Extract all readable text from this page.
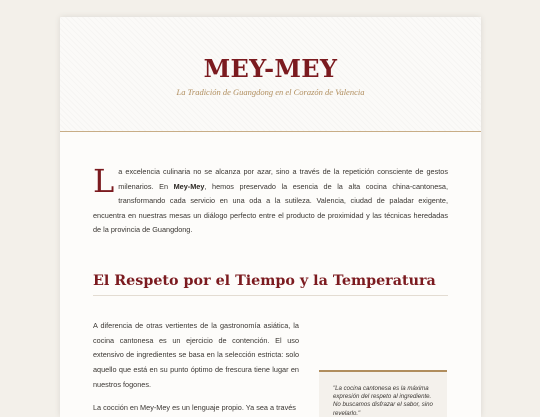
MEY-MEY
La Tradición de Guangdong en el Corazón de Valencia
La excelencia culinaria no se alcanza por azar, sino a través de la repetición consciente de gestos milenarios. En Mey-Mey, hemos preservado la esencia de la alta cocina china-cantonesa, transformando cada servicio en una oda a la sutileza. Valencia, ciudad de paladar exigente, encuentra en nuestras mesas un diálogo perfecto entre el producto de proximidad y las técnicas heredadas de la provincia de Guangdong.
El Respeto por el Tiempo y la Temperatura

A diferencia de otras vertientes de la gastronomía asiática, la cocina cantonesa es un ejercicio de contención. El uso extensivo de ingredientes se basa en la selección estricta: solo aquello que está en su punto óptimo de frescura tiene lugar en nuestros fogones.

La cocción en Mey-Mey es un lenguaje propio. Ya sea a través

"La cocina cantonesa es la máxima expresión del respeto al ingrediente. No buscamos disfrazar el sabor, sino revelarlo."
